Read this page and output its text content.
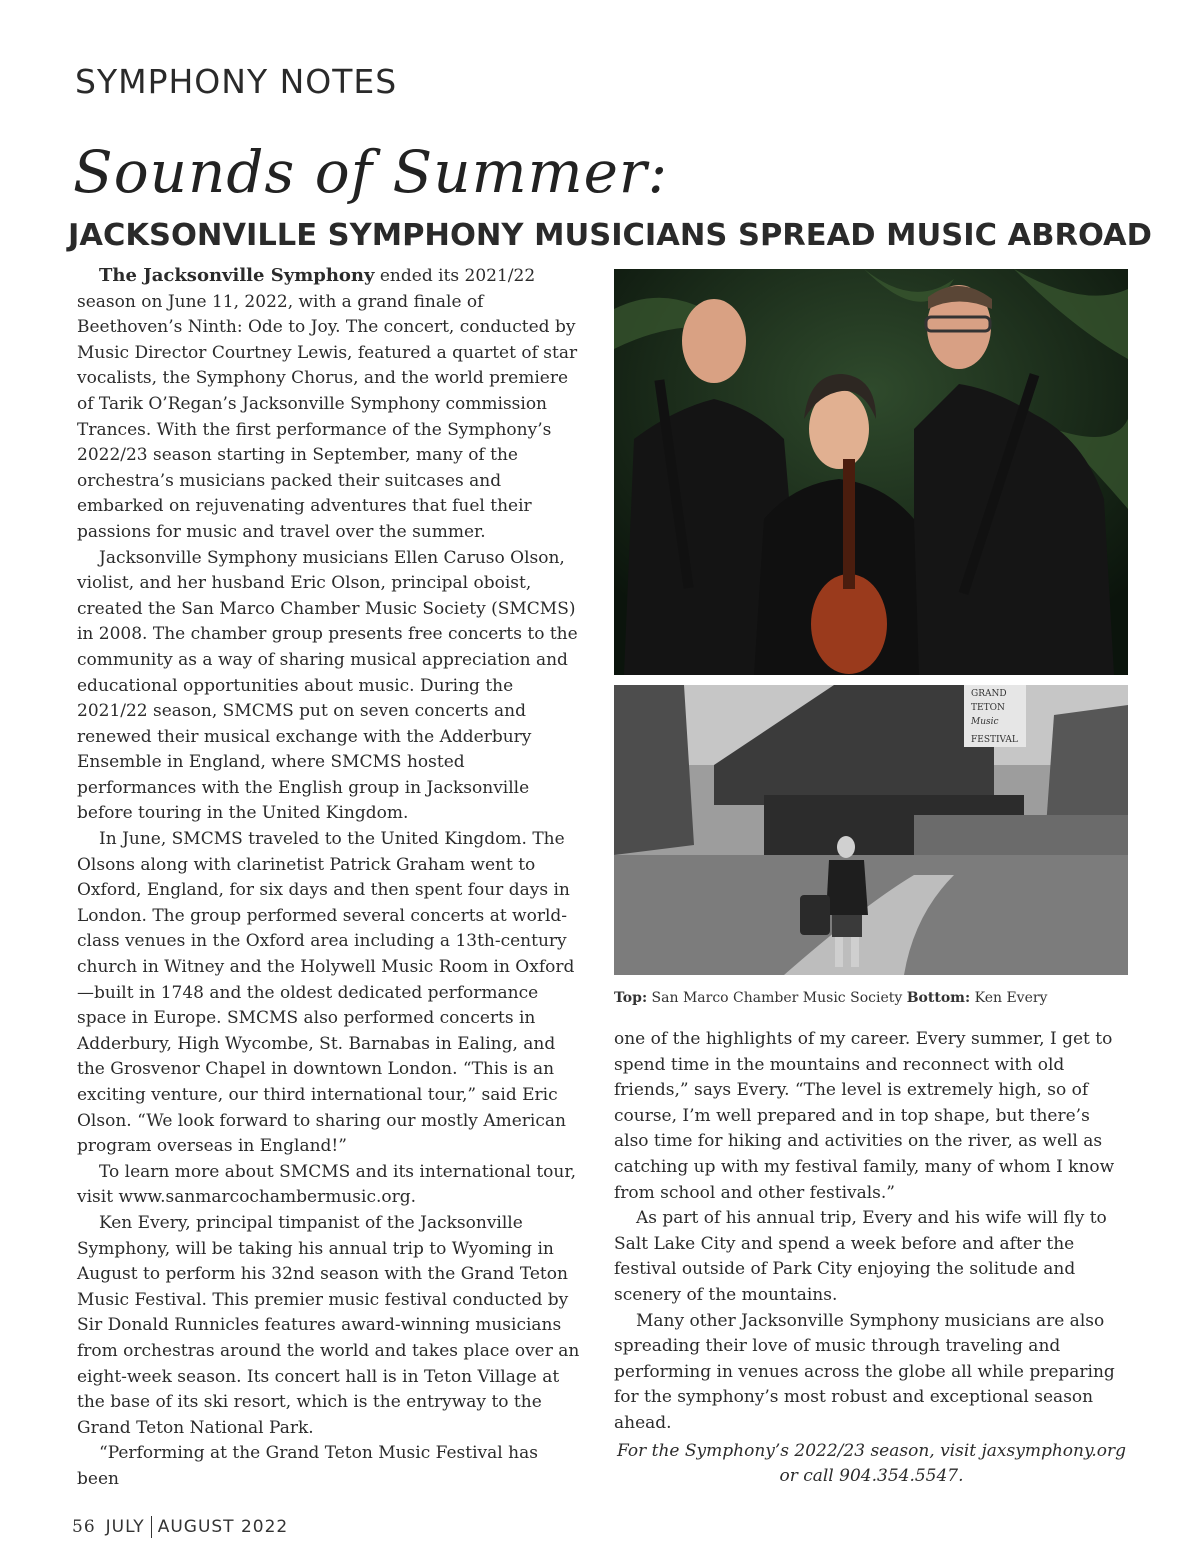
SYMPHONY NOTES
Sounds of Summer:
JACKSONVILLE SYMPHONY MUSICIANS SPREAD MUSIC ABROAD

The Jacksonville Symphony ended its 2021/22 season on June 11, 2022, with a grand finale of Beethoven’s Ninth: Ode to Joy. The concert, conducted by Music Director Courtney Lewis, featured a quartet of star vocalists, the Symphony Chorus, and the world premiere of Tarik O’Regan’s Jacksonville Symphony commission Trances. With the first performance of the Symphony’s 2022/23 season starting in September, many of the orchestra’s musicians packed their suitcases and embarked on rejuvenating adventures that fuel their passions for music and travel over the summer.

Jacksonville Symphony musicians Ellen Caruso Olson, violist, and her husband Eric Olson, principal oboist, created the San Marco Chamber Music Society (SMCMS) in 2008. The chamber group presents free concerts to the community as a way of sharing musical appreciation and educational opportunities about music. During the 2021/22 season, SMCMS put on seven concerts and renewed their musical exchange with the Adderbury Ensemble in England, where SMCMS hosted performances with the English group in Jacksonville before touring in the United Kingdom.

In June, SMCMS traveled to the United Kingdom. The Olsons along with clarinetist Patrick Graham went to Oxford, England, for six days and then spent four days in London. The group performed several concerts at world-class venues in the Oxford area including a 13th-century church in Witney and the Holywell Music Room in Oxford—built in 1748 and the oldest dedicated performance space in Europe. SMCMS also performed concerts in Adderbury, High Wycombe, St. Barnabas in Ealing, and the Grosvenor Chapel in downtown London. “This is an exciting venture, our third international tour,” said Eric Olson. “We look forward to sharing our mostly American program overseas in England!”

To learn more about SMCMS and its international tour, visit www.sanmarcochambermusic.org.

Ken Every, principal timpanist of the Jacksonville Symphony, will be taking his annual trip to Wyoming in August to perform his 32nd season with the Grand Teton Music Festival. This premier music festival conducted by Sir Donald Runnicles features award-winning musicians from orchestras around the world and takes place over an eight-week season. Its concert hall is in Teton Village at the base of its ski resort, which is the entryway to the Grand Teton National Park.

“Performing at the Grand Teton Music Festival has been

GRAND
TETON
Music
FESTIVAL
Top: San Marco Chamber Music Society Bottom: Ken Every

one of the highlights of my career. Every summer, I get to spend time in the mountains and reconnect with old friends,” says Every. “The level is extremely high, so of course, I’m well prepared and in top shape, but there’s also time for hiking and activities on the river, as well as catching up with my festival family, many of whom I know from school and other festivals.”

As part of his annual trip, Every and his wife will fly to Salt Lake City and spend a week before and after the festival outside of Park City enjoying the solitude and scenery of the mountains.

Many other Jacksonville Symphony musicians are also spreading their love of music through traveling and performing in venues across the globe all while preparing for the symphony’s most robust and exceptional season ahead.

For the Symphony’s 2022/23 season, visit jaxsymphony.org or call 904.354.5547.

56 JULY AUGUST 2022
